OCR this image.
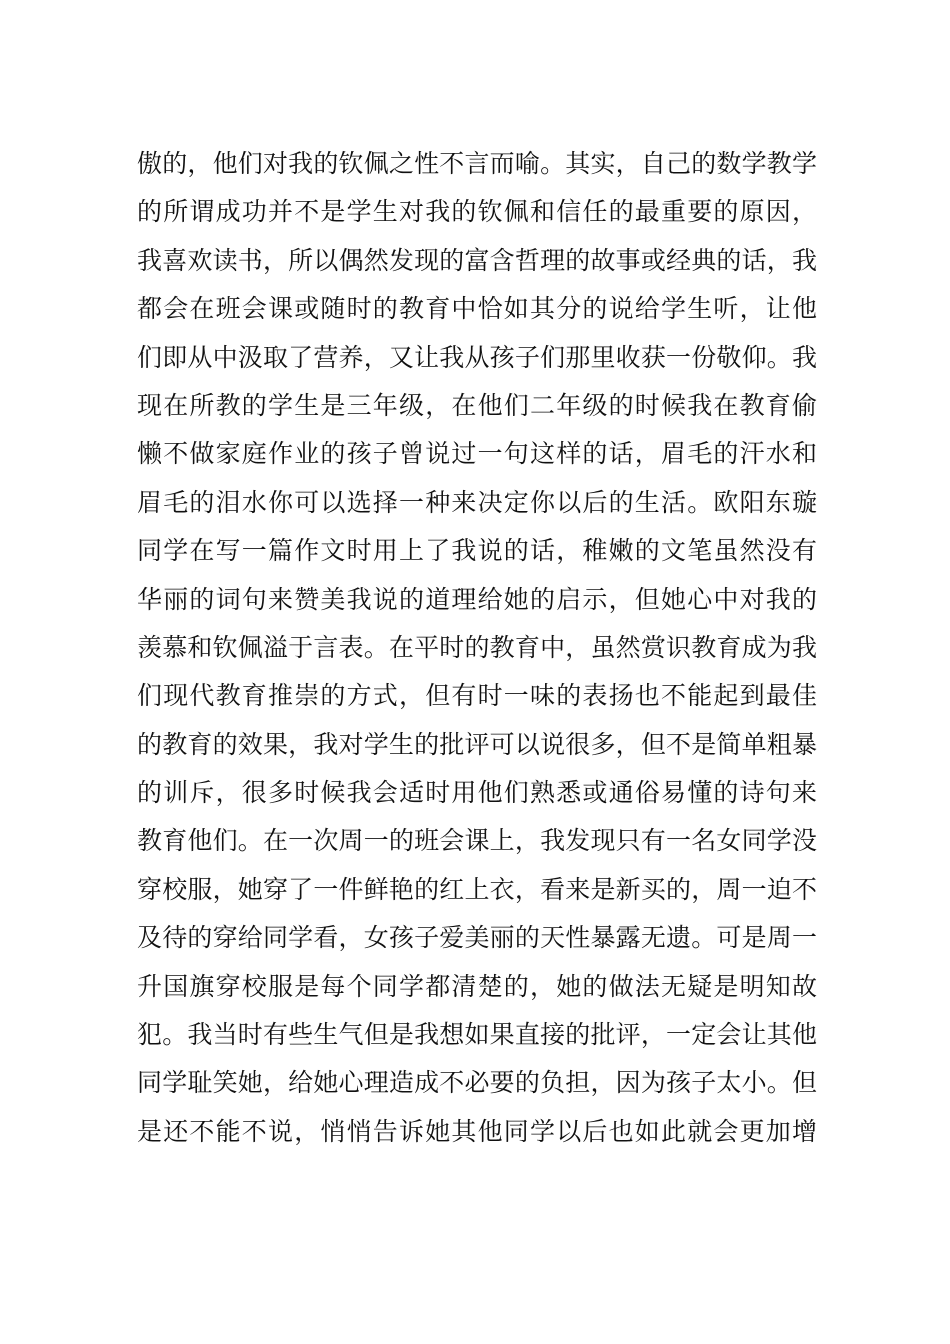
傲的，他们对我的钦佩之性不言而喻。其实，自己的数学教学
的所谓成功并不是学生对我的钦佩和信任的最重要的原因，
我喜欢读书，所以偶然发现的富含哲理的故事或经典的话，我
都会在班会课或随时的教育中恰如其分的说给学生听，让他
们即从中汲取了营养，又让我从孩子们那里收获一份敬仰。我
现在所教的学生是三年级，在他们二年级的时候我在教育偷
懒不做家庭作业的孩子曾说过一句这样的话，眉毛的汗水和
眉毛的泪水你可以选择一种来决定你以后的生活。欧阳东璇
同学在写一篇作文时用上了我说的话，稚嫩的文笔虽然没有
华丽的词句来赞美我说的道理给她的启示，但她心中对我的
羡慕和钦佩溢于言表。在平时的教育中，虽然赏识教育成为我
们现代教育推崇的方式，但有时一味的表扬也不能起到最佳
的教育的效果，我对学生的批评可以说很多，但不是简单粗暴
的训斥，很多时候我会适时用他们熟悉或通俗易懂的诗句来
教育他们。在一次周一的班会课上，我发现只有一名女同学没
穿校服，她穿了一件鲜艳的红上衣，看来是新买的，周一迫不
及待的穿给同学看，女孩子爱美丽的天性暴露无遗。可是周一
升国旗穿校服是每个同学都清楚的，她的做法无疑是明知故
犯。我当时有些生气但是我想如果直接的批评，一定会让其他
同学耻笑她，给她心理造成不必要的负担，因为孩子太小。但
是还不能不说，悄悄告诉她其他同学以后也如此就会更加增
